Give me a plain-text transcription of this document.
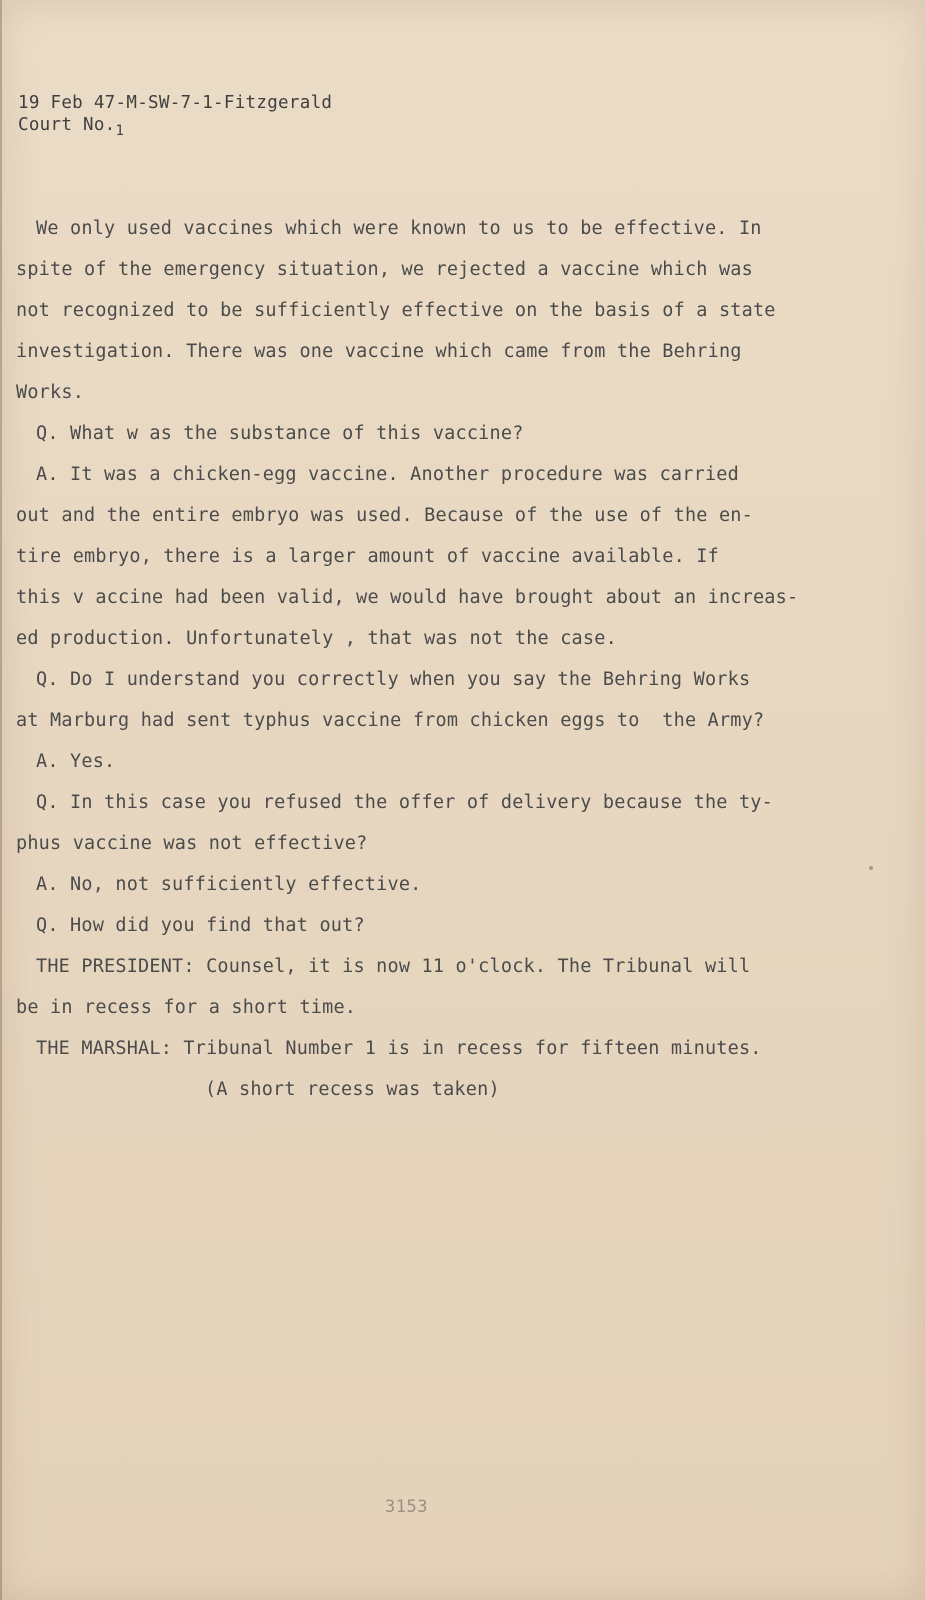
19 Feb 47-M-SW-7-1-Fitzgerald
Court $No._1$
We only used vaccines which were known to us to be effective. In
spite of the emergency situation, we rejected a vaccine which was
not recognized to be sufficiently effective on the basis of a state
investigation. There was one vaccine which came from the Behring
Works.
Q. What w as the substance of this vaccine?
A. It was a chicken-egg vaccine. Another procedure was carried
out and the entire embryo was used. Because of the use of the en-
tire embryo, there is a larger amount of vaccine available. If
this v accine had been valid, we would have brought about an increas-
ed production. Unfortunately , that was not the case.
Q. Do I understand you correctly when you say the Behring Works
at Marburg had sent typhus vaccine from chicken eggs to  the Army?
A. Yes.
Q. In this case you refused the offer of delivery because the ty-
phus vaccine was not effective?
A. No, not sufficiently effective.
Q. How did you find that out?
THE PRESIDENT: Counsel, it is now 11 o'clock. The Tribunal will
be in recess for a short time.
THE MARSHAL: Tribunal Number 1 is in recess for fifteen minutes.
(A short recess was taken)
3153
